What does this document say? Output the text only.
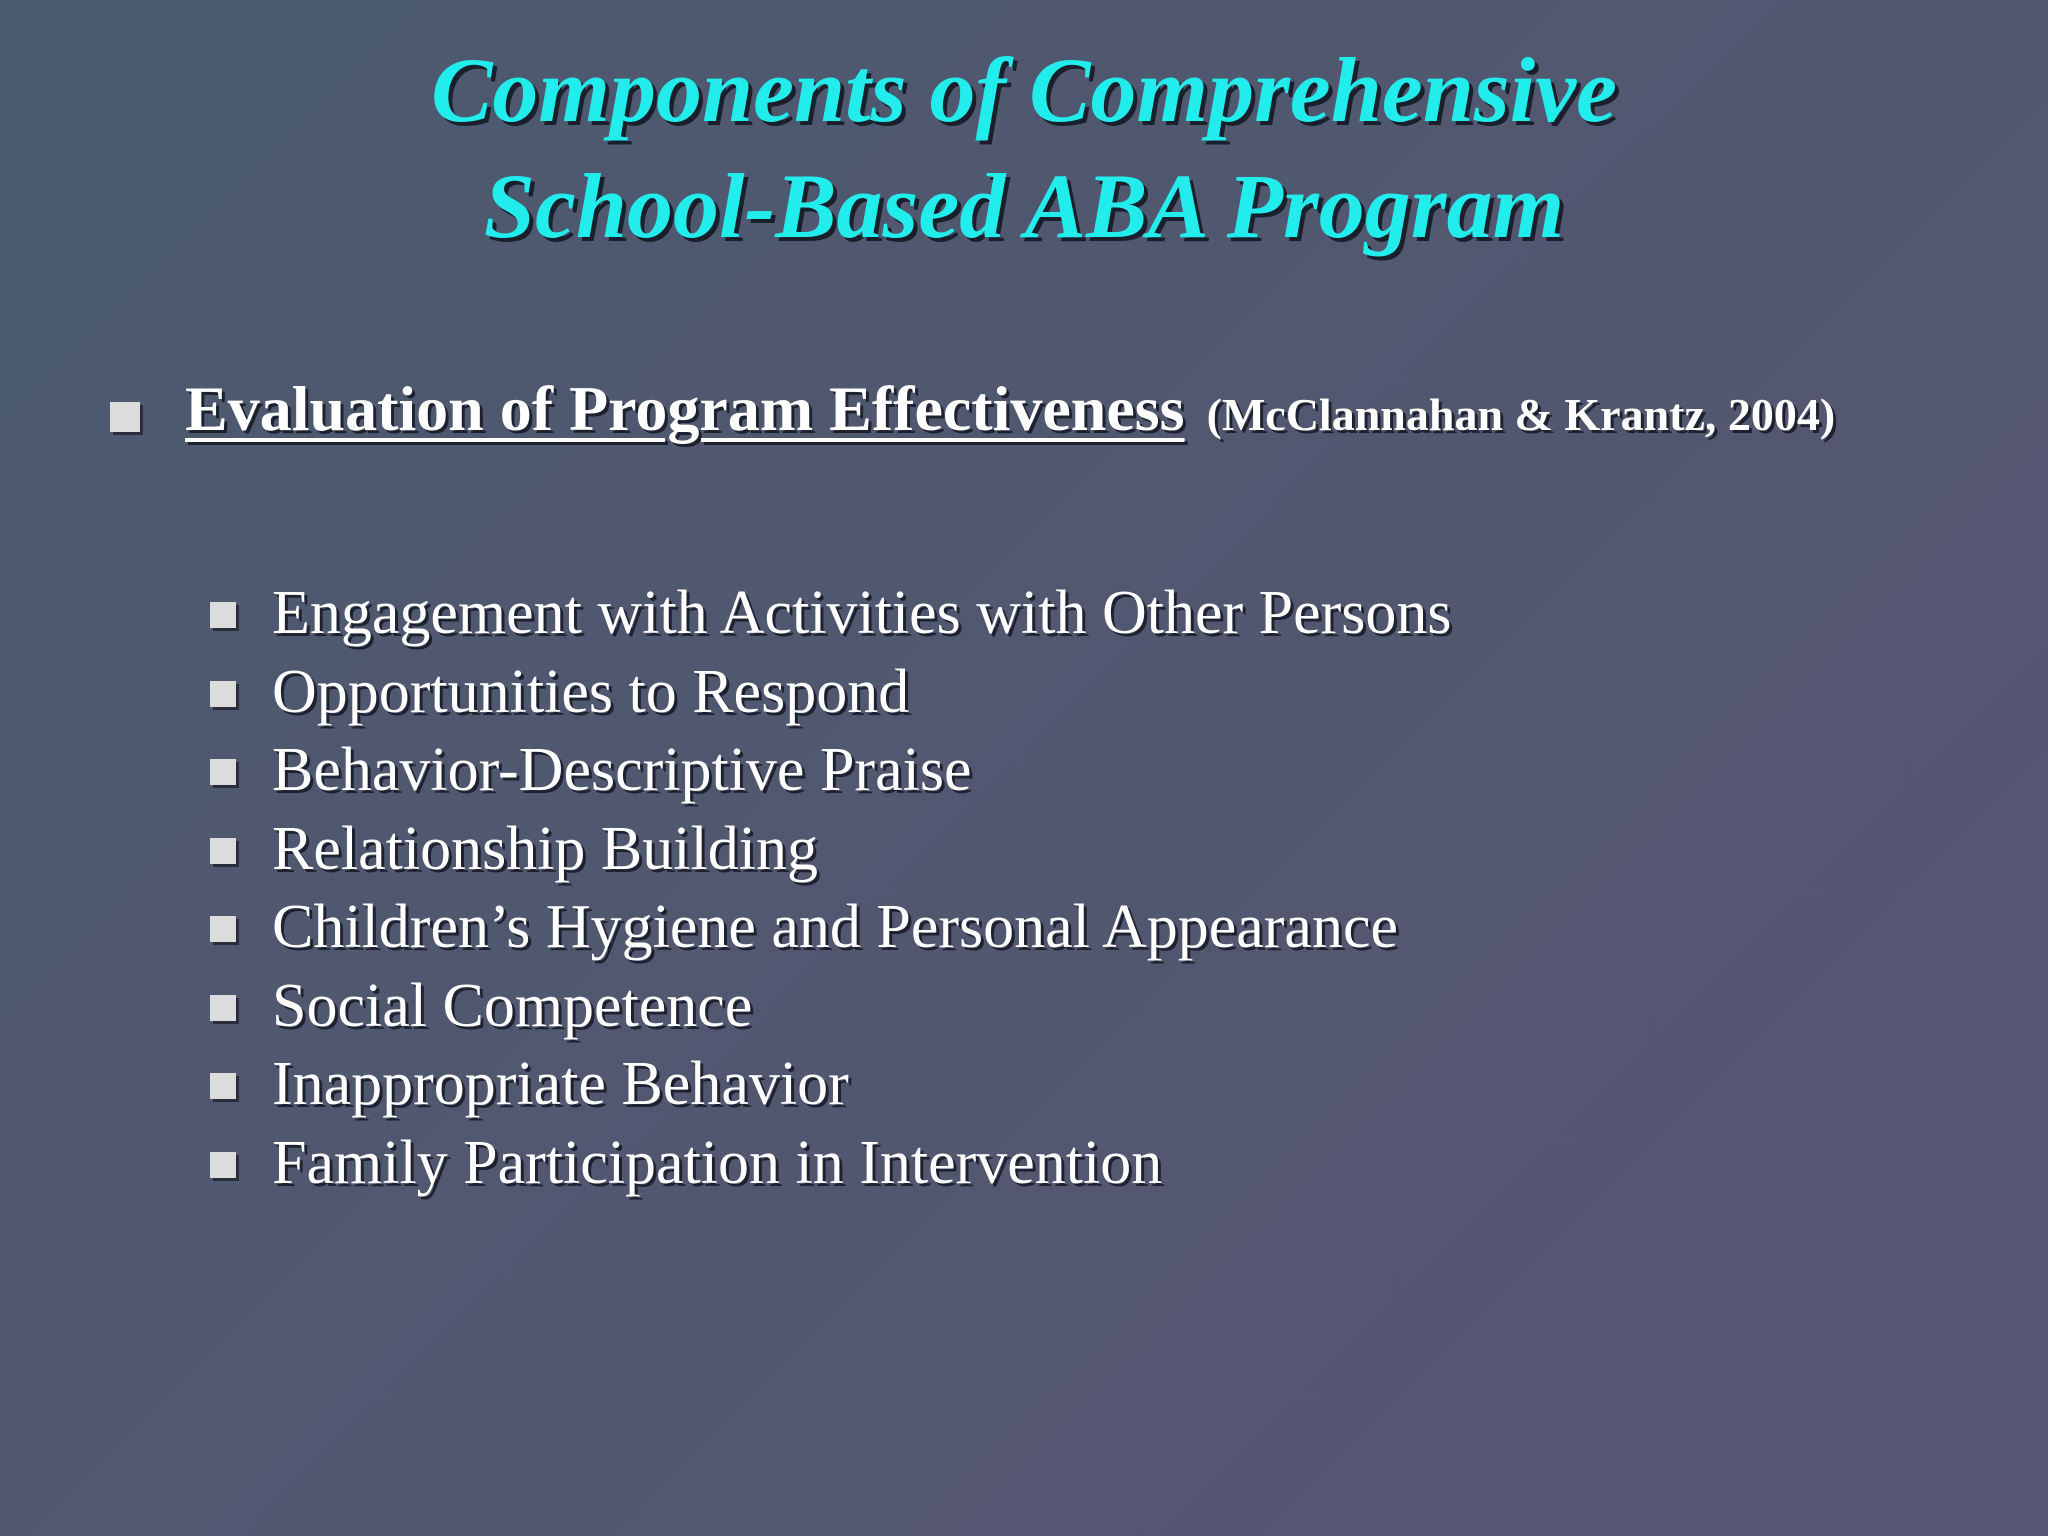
Components of Comprehensive
School-Based ABA Program
Evaluation of Program Effectiveness (McClannahan & Krantz, 2004)
Engagement with Activities with Other Persons
Opportunities to Respond
Behavior-Descriptive Praise
Relationship Building
Children’s Hygiene and Personal Appearance
Social Competence
Inappropriate Behavior
Family Participation in Intervention
